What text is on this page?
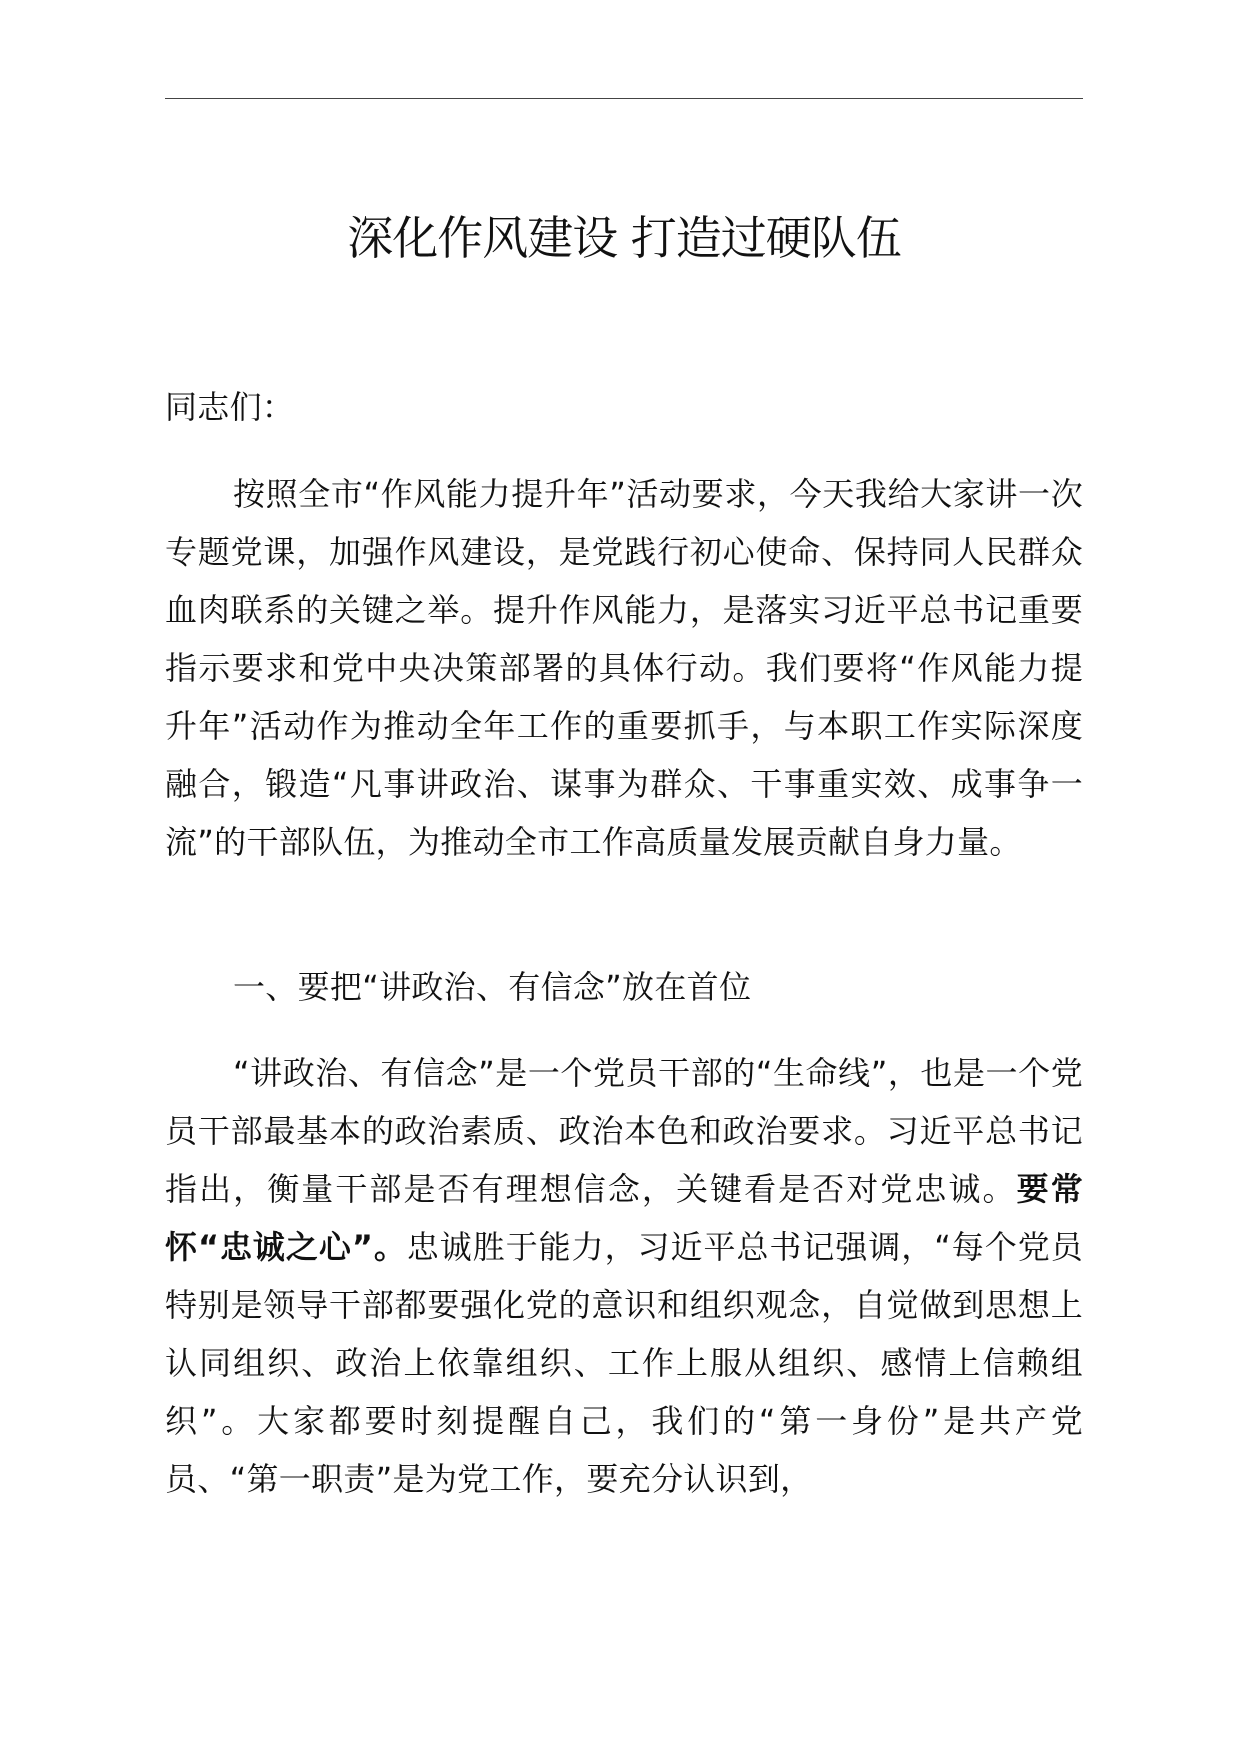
深化作风建设 打造过硬队伍

同志们：

按照全市“作风能力提升年”活动要求，今天我给大家讲一次专题党课，加强作风建设，是党践行初心使命、保持同人民群众血肉联系的关键之举。提升作风能力，是落实习近平总书记重要指示要求和党中央决策部署的具体行动。我们要将“作风能力提升年”活动作为推动全年工作的重要抓手，与本职工作实际深度融合，锻造“凡事讲政治、谋事为群众、干事重实效、成事争一流”的干部队伍，为推动全市工作高质量发展贡献自身力量。

一、要把“讲政治、有信念”放在首位

“讲政治、有信念”是一个党员干部的“生命线”，也是一个党员干部最基本的政治素质、政治本色和政治要求。习近平总书记指出，衡量干部是否有理想信念，关键看是否对党忠诚。要常怀“忠诚之心”。忠诚胜于能力，习近平总书记强调，“每个党员特别是领导干部都要强化党的意识和组织观念，自觉做到思想上认同组织、政治上依靠组织、工作上服从组织、感情上信赖组织”。大家都要时刻提醒自己，我们的“第一身份”是共产党员、“第一职责”是为党工作，要充分认识到，
